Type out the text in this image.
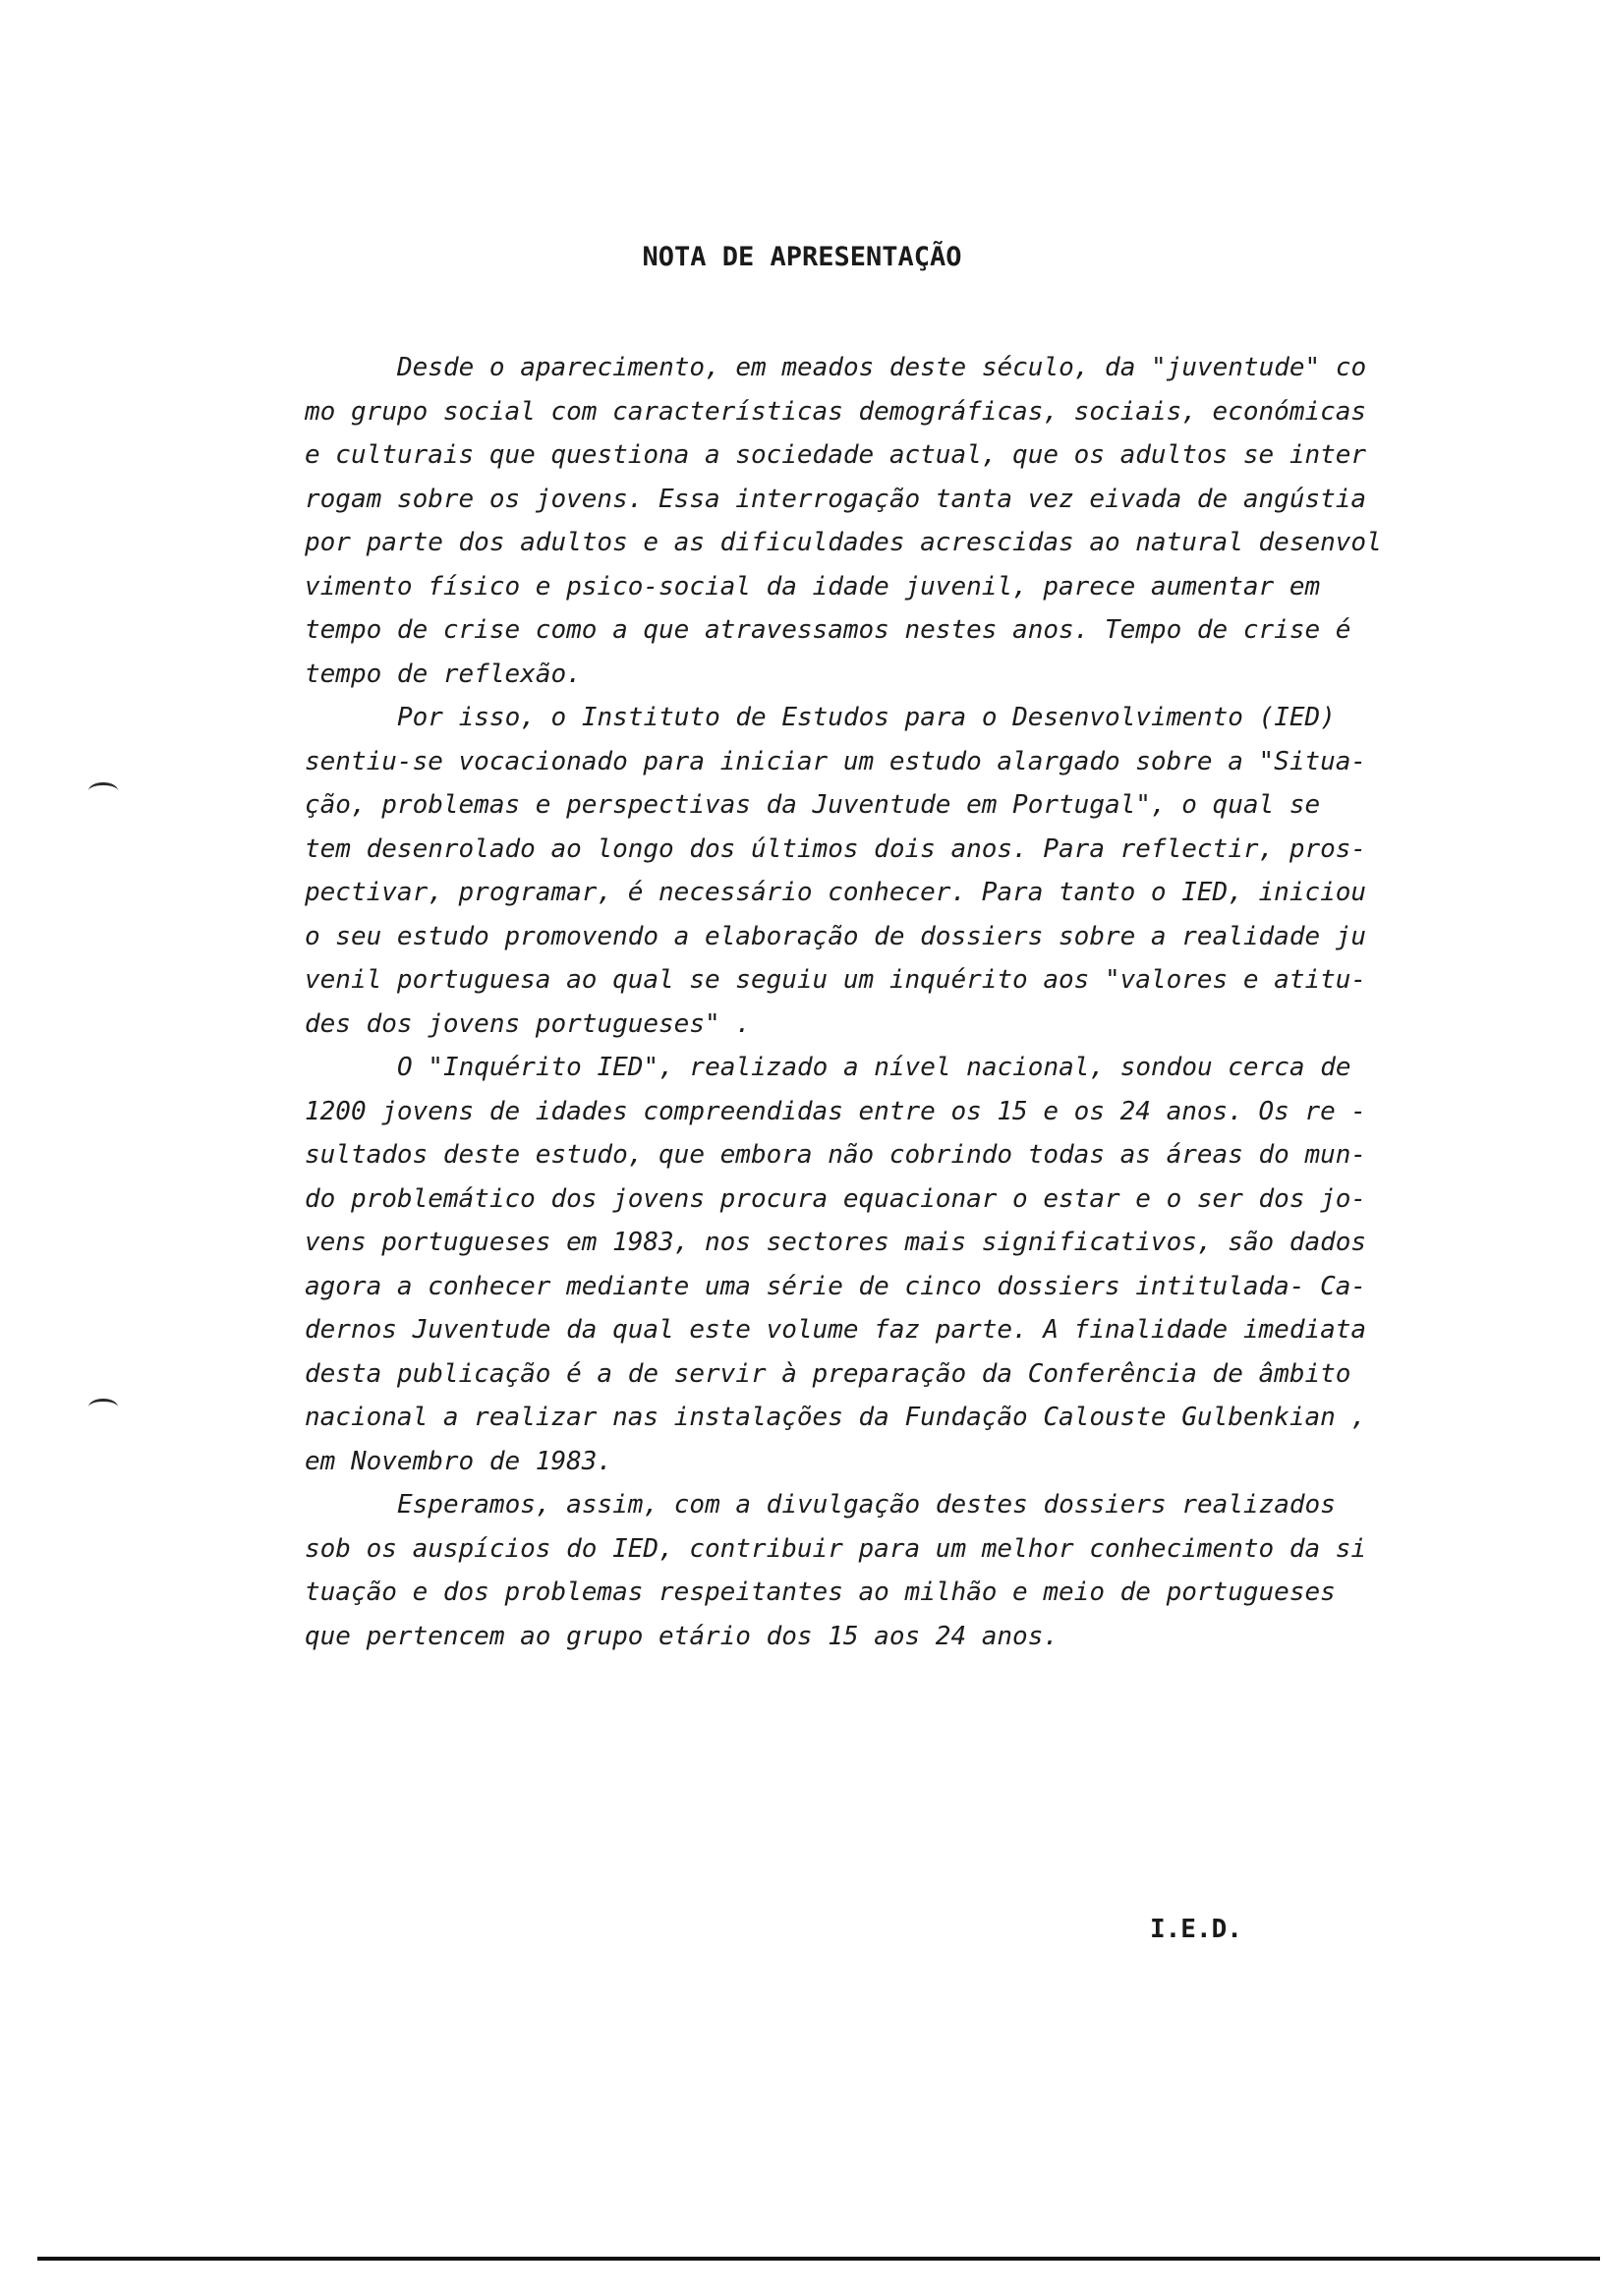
NOTA DE APRESENTAÇÃO
Desde o aparecimento, em meados deste século, da "juventude" co
mo grupo social com características demográficas, sociais, económicas
e culturais que questiona a sociedade actual, que os adultos se inter
rogam sobre os jovens. Essa interrogação tanta vez eivada de angústia
por parte dos adultos e as dificuldades acrescidas ao natural desenvol
vimento físico e psico-social da idade juvenil, parece aumentar em
tempo de crise como a que atravessamos nestes anos. Tempo de crise é
tempo de reflexão.
Por isso, o Instituto de Estudos para o Desenvolvimento (IED)
sentiu-se vocacionado para iniciar um estudo alargado sobre a "Situa-
ção, problemas e perspectivas da Juventude em Portugal", o qual se
tem desenrolado ao longo dos últimos dois anos. Para reflectir, pros-
pectivar, programar, é necessário conhecer. Para tanto o IED, iniciou
o seu estudo promovendo a elaboração de dossiers sobre a realidade ju
venil portuguesa ao qual se seguiu um inquérito aos "valores e atitu-
des dos jovens portugueses" .
O "Inquérito IED", realizado a nível nacional, sondou cerca de
1200 jovens de idades compreendidas entre os 15 e os 24 anos. Os re -
sultados deste estudo, que embora não cobrindo todas as áreas do mun-
do problemático dos jovens procura equacionar o estar e o ser dos jo-
vens portugueses em 1983, nos sectores mais significativos, são dados
agora a conhecer mediante uma série de cinco dossiers intitulada- Ca-
dernos Juventude da qual este volume faz parte. A finalidade imediata
desta publicação é a de servir à preparação da Conferência de âmbito
nacional a realizar nas instalações da Fundação Calouste Gulbenkian ,
em Novembro de 1983.
Esperamos, assim, com a divulgação destes dossiers realizados
sob os auspícios do IED, contribuir para um melhor conhecimento da si
tuação e dos problemas respeitantes ao milhão e meio de portugueses
que pertencem ao grupo etário dos 15 aos 24 anos.
I.E.D.
